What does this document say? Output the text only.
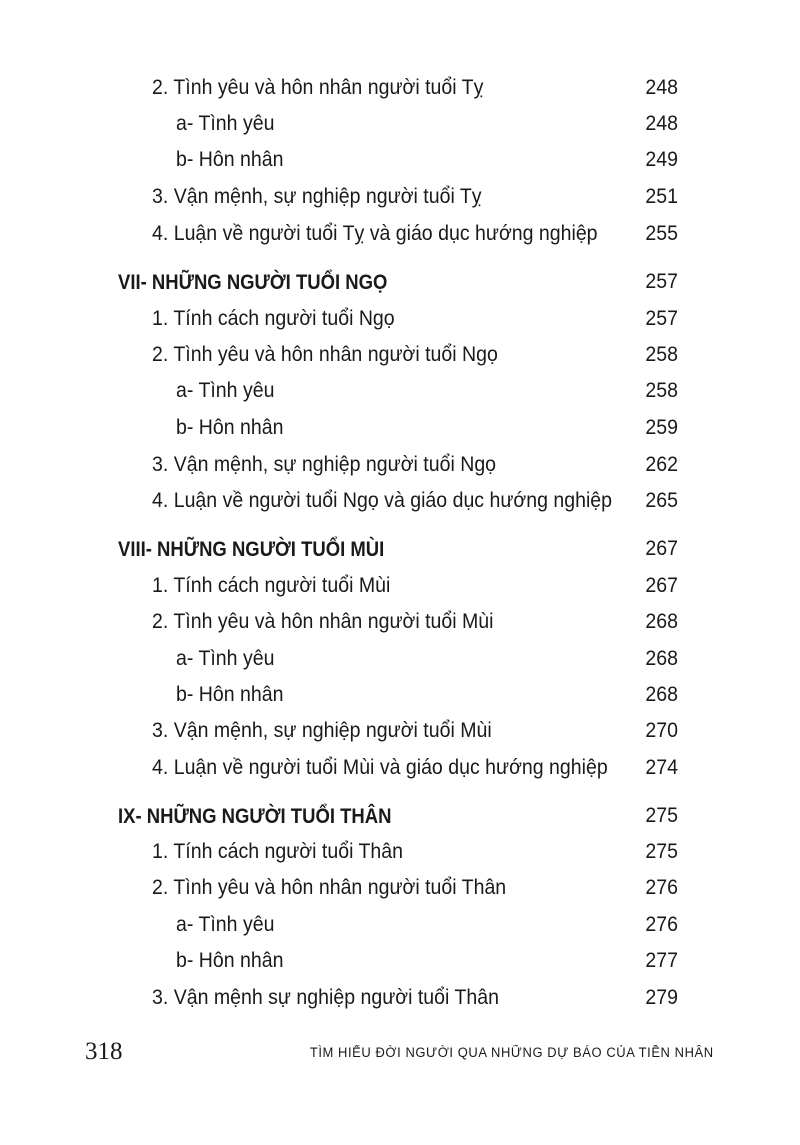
2. Tình yêu và hôn nhân người tuổi Tỵ	248
a- Tình yêu	248
b- Hôn nhân	249
3. Vận mệnh, sự nghiệp người tuổi Tỵ	251
4. Luận về người tuổi Tỵ và giáo dục hướng nghiệp	255
VII- NHỮNG NGƯỜI TUỔI NGỌ	257
1. Tính cách người tuổi Ngọ	257
2. Tình yêu và hôn nhân người tuổi Ngọ	258
a- Tình yêu	258
b- Hôn nhân	259
3. Vận mệnh, sự nghiệp người tuổi Ngọ	262
4. Luận về người tuổi Ngọ và giáo dục hướng nghiệp	265
VIII- NHỮNG NGƯỜI TUỔI MÙI	267
1. Tính cách người tuổi Mùi	267
2. Tình yêu và hôn nhân người tuổi Mùi	268
a- Tình yêu	268
b- Hôn nhân	268
3. Vận mệnh, sự nghiệp người tuổi Mùi	270
4. Luận về người tuổi Mùi và giáo dục hướng nghiệp	274
IX- NHỮNG NGƯỜI TUỔI THÂN	275
1. Tính cách người tuổi Thân	275
2. Tình yêu và hôn nhân người tuổi Thân	276
a- Tình yêu	276
b- Hôn nhân	277
3. Vận mệnh sự nghiệp người tuổi Thân	279
318	TÌM HIỂU ĐỜI NGƯỜI QUA NHỮNG DỰ BÁO CỦA TIỀN NHÂN
